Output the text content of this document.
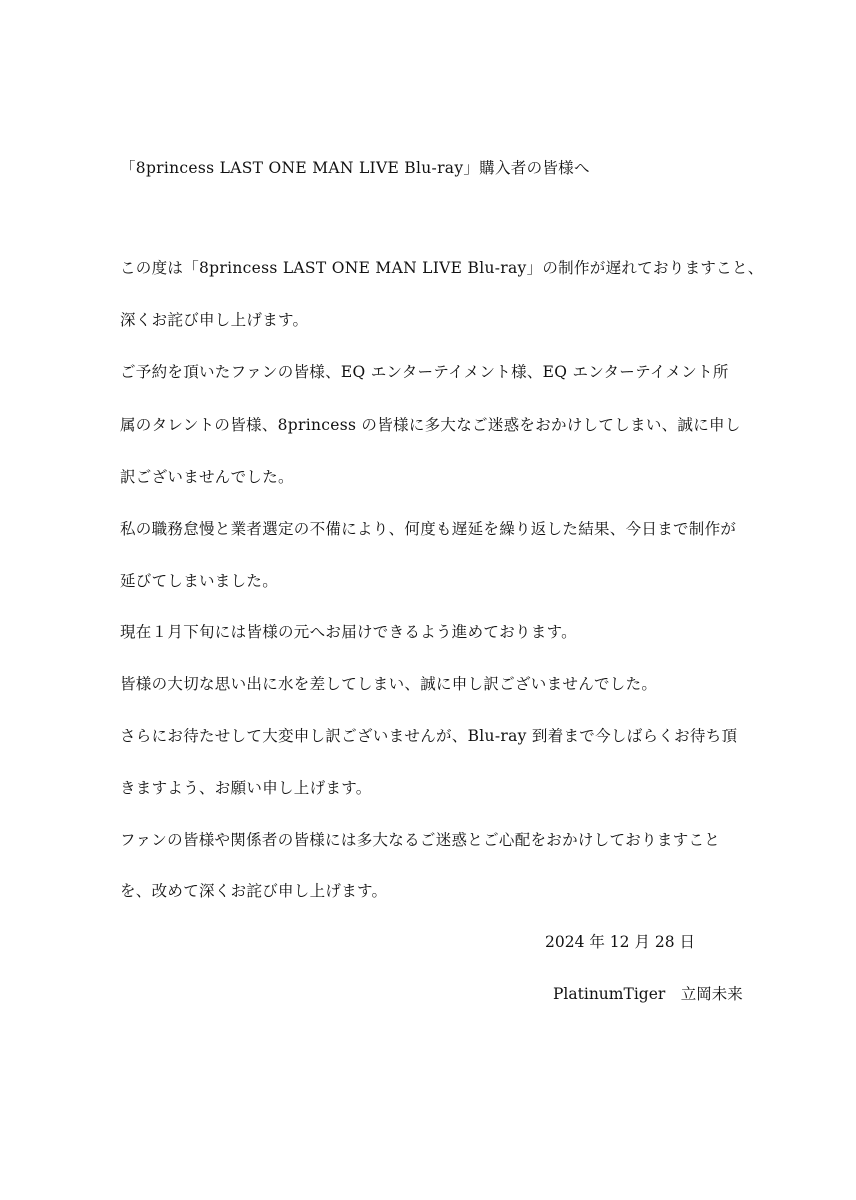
「8princess LAST ONE MAN LIVE Blu-ray」購入者の皆様へ
この度は「8princess LAST ONE MAN LIVE Blu-ray」の制作が遅れておりますこと、
深くお詫び申し上げます。
ご予約を頂いたファンの皆様、EQ エンターテイメント様、EQ エンターテイメント所
属のタレントの皆様、8princess の皆様に多大なご迷惑をおかけしてしまい、誠に申し
訳ございませんでした。
私の職務怠慢と業者選定の不備により、何度も遅延を繰り返した結果、今日まで制作が
延びてしまいました。
現在１月下旬には皆様の元へお届けできるよう進めております。
皆様の大切な思い出に水を差してしまい、誠に申し訳ございませんでした。
さらにお待たせして大変申し訳ございませんが、Blu-ray 到着まで今しばらくお待ち頂
きますよう、お願い申し上げます。
ファンの皆様や関係者の皆様には多大なるご迷惑とご心配をおかけしておりますこと
を、改めて深くお詫び申し上げます。
2024 年 12 月 28 日
PlatinumTiger　立岡未来
